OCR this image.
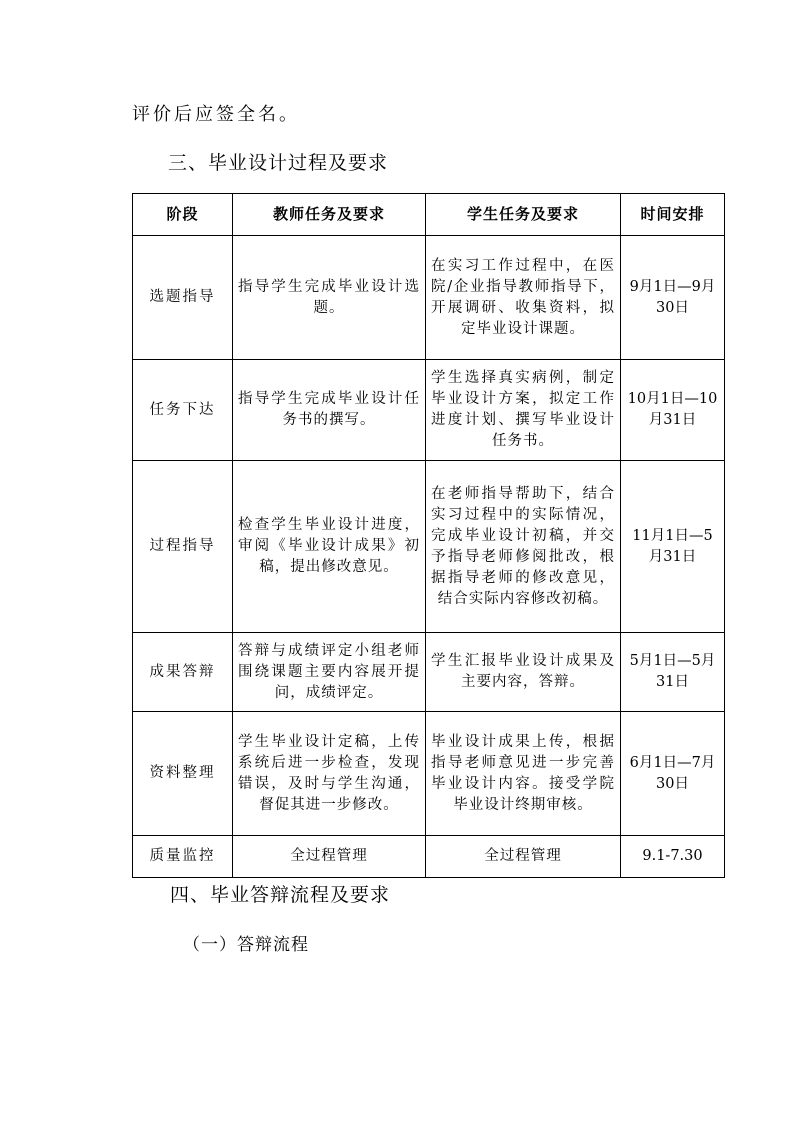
评价后应签全名。
三、毕业设计过程及要求
阶段	教师任务及要求	学生任务及要求	时间安排
选题指导	指导学生完成毕业设计选题。	在实习工作过程中，在医院/企业指导教师指导下，开展调研、收集资料，拟定毕业设计课题。	9月1日—9月30日
任务下达	指导学生完成毕业设计任务书的撰写。	学生选择真实病例，制定毕业设计方案，拟定工作进度计划、撰写毕业设计任务书。	10月1日—10月31日
过程指导	检查学生毕业设计进度，审阅《毕业设计成果》初稿，提出修改意见。	在老师指导帮助下，结合实习过程中的实际情况，完成毕业设计初稿，并交予指导老师修阅批改，根据指导老师的修改意见，结合实际内容修改初稿。	11月1日—5月31日
成果答辩	答辩与成绩评定小组老师围绕课题主要内容展开提问，成绩评定。	学生汇报毕业设计成果及主要内容，答辩。	5月1日—5月31日
资料整理	学生毕业设计定稿，上传系统后进一步检查，发现错误，及时与学生沟通，督促其进一步修改。	毕业设计成果上传，根据指导老师意见进一步完善毕业设计内容。接受学院毕业设计终期审核。	6月1日—7月30日
质量监控	全过程管理	全过程管理	9.1-7.30
四、毕业答辩流程及要求
（一）答辩流程
